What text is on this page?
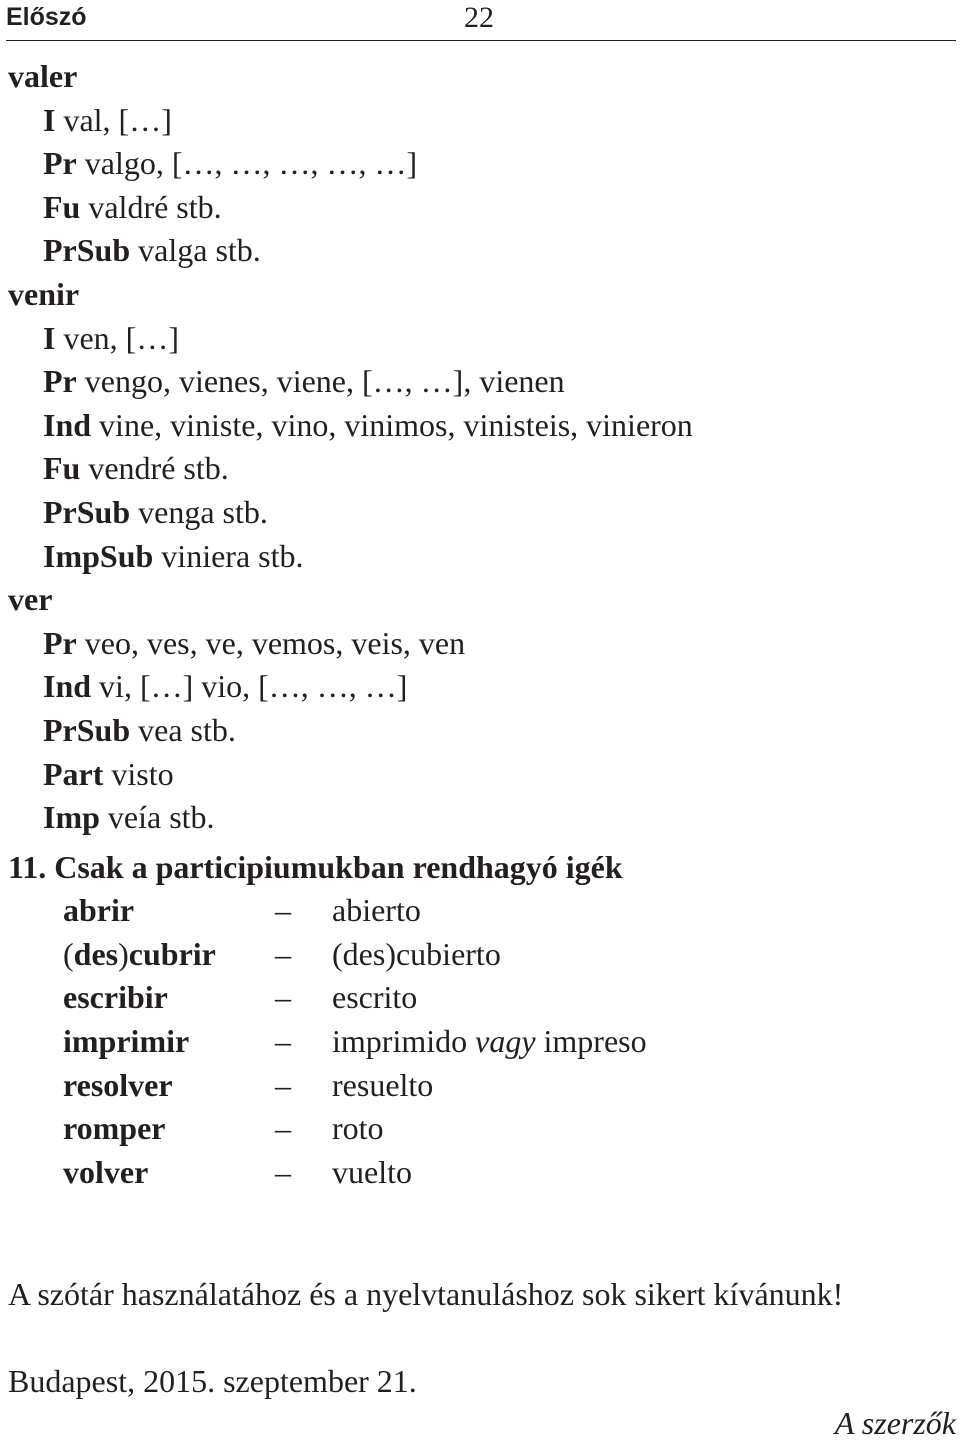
Előszó	22
valer
I val, […]
Pr valgo, […, …, …, …, …]
Fu valdré stb.
PrSub valga stb.
venir
I ven, […]
Pr vengo, vienes, viene, […, …], vienen
Ind vine, viniste, vino, vinimos, vinisteis, vinieron
Fu vendré stb.
PrSub venga stb.
ImpSub viniera stb.
ver
Pr veo, ves, ve, vemos, veis, ven
Ind vi, […] vio, […, …, …]
PrSub vea stb.
Part visto
Imp veía stb.
11. Csak a participiumukban rendhagyó igék
abrir	–	abierto
(des)cubrir	–	(des)cubierto
escribir	–	escrito
imprimir	–	imprimido vagy impreso
resolver	–	resuelto
romper	–	roto
volver	–	vuelto
A szótár használatához és a nyelvtanuláshoz sok sikert kívánunk!
Budapest, 2015. szeptember 21.
A szerzők
